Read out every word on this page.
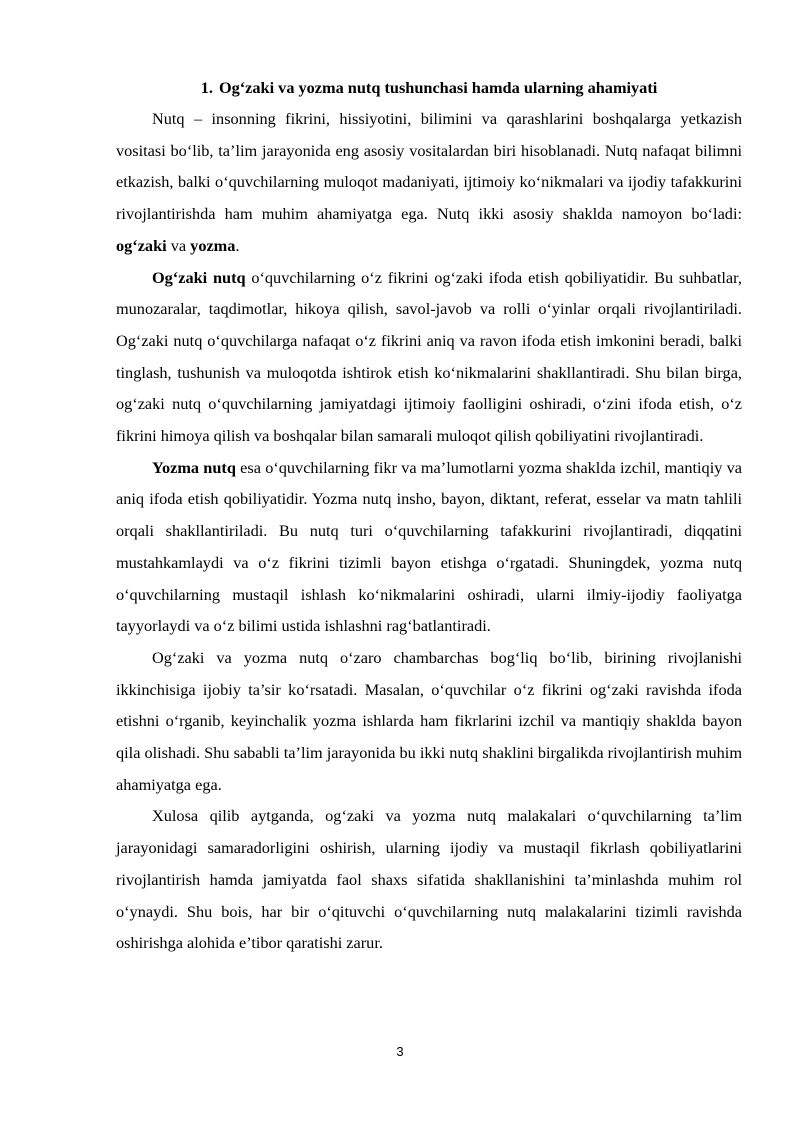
1. Og‘zaki va yozma nutq tushunchasi hamda ularning ahamiyati

Nutq – insonning fikrini, hissiyotini, bilimini va qarashlarini boshqalarga yetkazish vositasi bo‘lib, ta’lim jarayonida eng asosiy vositalardan biri hisoblanadi. Nutq nafaqat bilimni etkazish, balki o‘quvchilarning muloqot madaniyati, ijtimoiy ko‘nikmalari va ijodiy tafakkurini rivojlantirishda ham muhim ahamiyatga ega. Nutq ikki asosiy shaklda namoyon bo‘ladi: og‘zaki va yozma.

Og‘zaki nutq o‘quvchilarning o‘z fikrini og‘zaki ifoda etish qobiliyatidir. Bu suhbatlar, munozaralar, taqdimotlar, hikoya qilish, savol-javob va rolli o‘yinlar orqali rivojlantiriladi. Og‘zaki nutq o‘quvchilarga nafaqat o‘z fikrini aniq va ravon ifoda etish imkonini beradi, balki tinglash, tushunish va muloqotda ishtirok etish ko‘nikmalarini shakllantiradi. Shu bilan birga, og‘zaki nutq o‘quvchilarning jamiyatdagi ijtimoiy faolligini oshiradi, o‘zini ifoda etish, o‘z fikrini himoya qilish va boshqalar bilan samarali muloqot qilish qobiliyatini rivojlantiradi.

Yozma nutq esa o‘quvchilarning fikr va ma’lumotlarni yozma shaklda izchil, mantiqiy va aniq ifoda etish qobiliyatidir. Yozma nutq insho, bayon, diktant, referat, esselar va matn tahlili orqali shakllantiriladi. Bu nutq turi o‘quvchilarning tafakkurini rivojlantiradi, diqqatini mustahkamlaydi va o‘z fikrini tizimli bayon etishga o‘rgatadi. Shuningdek, yozma nutq o‘quvchilarning mustaqil ishlash ko‘nikmalarini oshiradi, ularni ilmiy-ijodiy faoliyatga tayyorlaydi va o‘z bilimi ustida ishlashni rag‘batlantiradi.

Og‘zaki va yozma nutq o‘zaro chambarchas bog‘liq bo‘lib, birining rivojlanishi ikkinchisiga ijobiy ta’sir ko‘rsatadi. Masalan, o‘quvchilar o‘z fikrini og‘zaki ravishda ifoda etishni o‘rganib, keyinchalik yozma ishlarda ham fikrlarini izchil va mantiqiy shaklda bayon qila olishadi. Shu sababli ta’lim jarayonida bu ikki nutq shaklini birgalikda rivojlantirish muhim ahamiyatga ega.

Xulosa qilib aytganda, og‘zaki va yozma nutq malakalari o‘quvchilarning ta’lim jarayonidagi samaradorligini oshirish, ularning ijodiy va mustaqil fikrlash qobiliyatlarini rivojlantirish hamda jamiyatda faol shaxs sifatida shakllanishini ta’minlashda muhim rol o‘ynaydi. Shu bois, har bir o‘qituvchi o‘quvchilarning nutq malakalarini tizimli ravishda oshirishga alohida e’tibor qaratishi zarur.

3
